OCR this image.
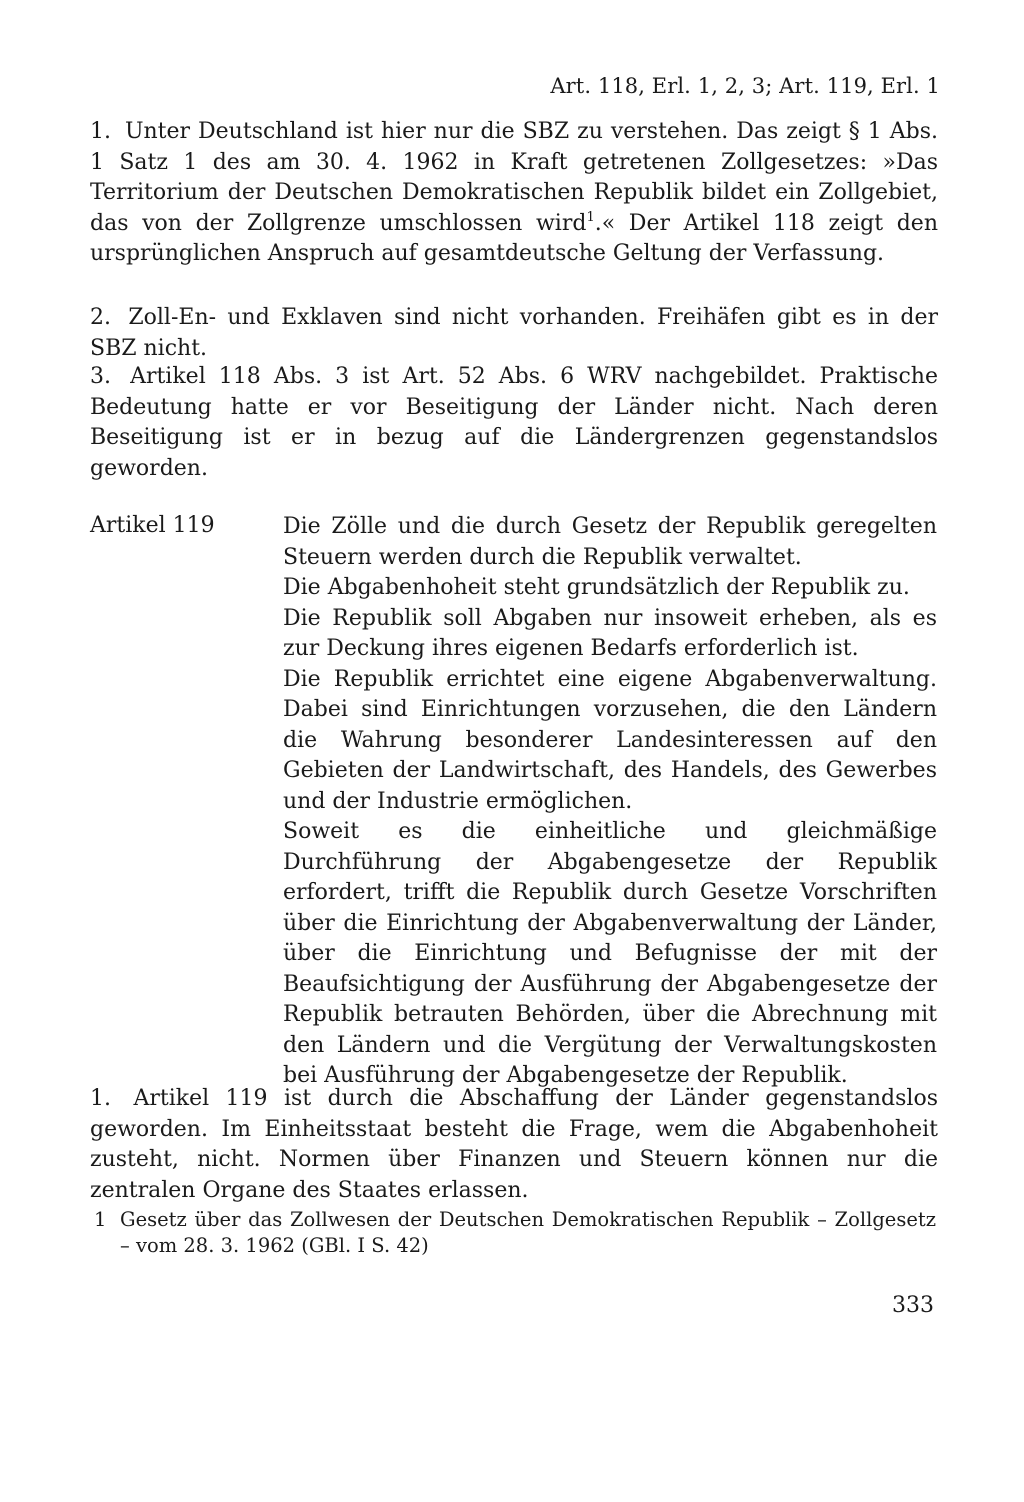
Art. 118, Erl. 1, 2, 3; Art. 119, Erl. 1

1. Unter Deutschland ist hier nur die SBZ zu verstehen. Das zeigt § 1 Abs. 1 Satz 1 des am 30. 4. 1962 in Kraft getretenen Zollgesetzes: »Das Territorium der Deutschen Demokratischen Republik bildet ein Zollgebiet, das von der Zollgrenze umschlossen wird$^1$.« Der Artikel 118 zeigt den ursprünglichen Anspruch auf gesamtdeutsche Geltung der Verfassung.

2. Zoll-En- und Exklaven sind nicht vorhanden. Freihäfen gibt es in der SBZ nicht.

3. Artikel 118 Abs. 3 ist Art. 52 Abs. 6 WRV nachgebildet. Praktische Bedeutung hatte er vor Beseitigung der Länder nicht. Nach deren Beseitigung ist er in bezug auf die Ländergrenzen gegenstandslos geworden.

Artikel 119	Die Zölle und die durch Gesetz der Republik geregelten Steuern werden durch die Republik verwaltet.

Die Abgabenhoheit steht grundsätzlich der Republik zu.

Die Republik soll Abgaben nur insoweit erheben, als es zur Deckung ihres eigenen Bedarfs erforderlich ist.

Die Republik errichtet eine eigene Abgabenverwaltung. Dabei sind Einrichtungen vorzusehen, die den Ländern die Wahrung besonderer Landesinteressen auf den Gebieten der Landwirtschaft, des Handels, des Gewerbes und der Industrie ermöglichen.

Soweit es die einheitliche und gleichmäßige Durchführung der Abgabengesetze der Republik erfordert, trifft die Republik durch Gesetze Vorschriften über die Einrichtung der Abgabenverwaltung der Länder, über die Einrichtung und Befugnisse der mit der Beaufsichtigung der Ausführung der Abgabengesetze der Republik betrauten Behörden, über die Abrechnung mit den Ländern und die Vergütung der Verwaltungskosten bei Ausführung der Abgabengesetze der Republik.

1. Artikel 119 ist durch die Abschaffung der Länder gegenstandslos geworden. Im Einheitsstaat besteht die Frage, wem die Abgabenhoheit zusteht, nicht. Normen über Finanzen und Steuern können nur die zentralen Organe des Staates erlassen.

1 Gesetz über das Zollwesen der Deutschen Demokratischen Republik – Zollgesetz – vom 28. 3. 1962 (GBl. I S. 42)
333
